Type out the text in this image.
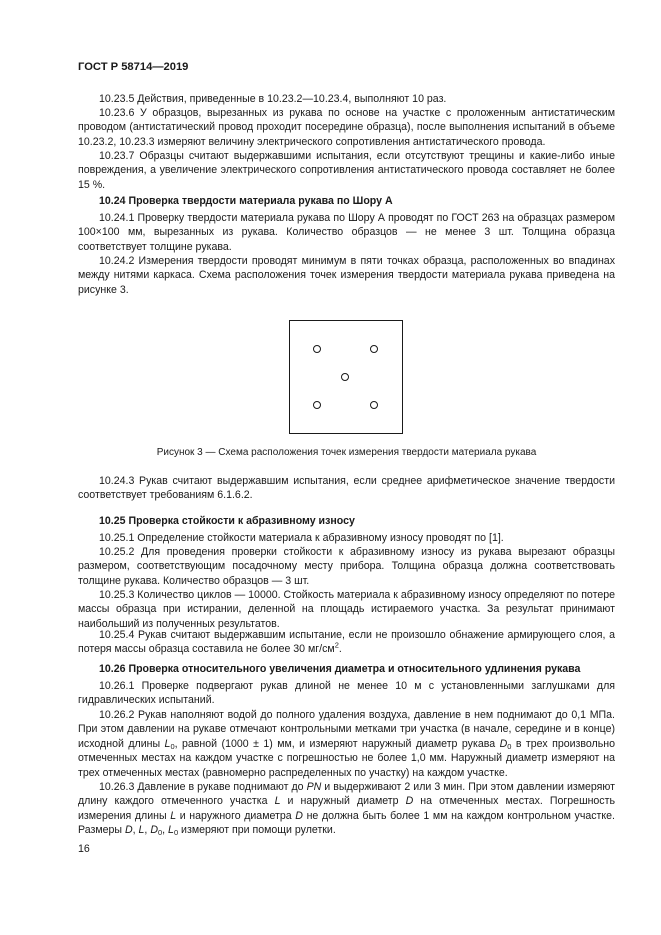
ГОСТ Р 58714—2019

10.23.5 Действия, приведенные в 10.23.2—10.23.4, выполняют 10 раз.

10.23.6 У образцов, вырезанных из рукава по основе на участке с проложенным антистатическим проводом (антистатический провод проходит посередине образца), после выполнения испытаний в объеме 10.23.2, 10.23.3 измеряют величину электрического сопротивления антистатического провода.

10.23.7 Образцы считают выдержавшими испытания, если отсутствуют трещины и какие-либо иные повреждения, а увеличение электрического сопротивления антистатического провода составляет не более 15 %.

10.24 Проверка твердости материала рукава по Шору А

10.24.1 Проверку твердости материала рукава по Шору А проводят по ГОСТ 263 на образцах размером 100×100 мм, вырезанных из рукава. Количество образцов — не менее 3 шт. Толщина образца соответствует толщине рукава.

10.24.2 Измерения твердости проводят минимум в пяти точках образца, расположенных во впадинах между нитями каркаса. Схема расположения точек измерения твердости материала рукава приведена на рисунке 3.

Рисунок 3 — Схема расположения точек измерения твердости материала рукава

10.24.3 Рукав считают выдержавшим испытания, если среднее арифметическое значение твердости соответствует требованиям 6.1.6.2.

10.25 Проверка стойкости к абразивному износу

10.25.1 Определение стойкости материала к абразивному износу проводят по [1].

10.25.2 Для проведения проверки стойкости к абразивному износу из рукава вырезают образцы размером, соответствующим посадочному месту прибора. Толщина образца должна соответствовать толщине рукава. Количество образцов — 3 шт.

10.25.3 Количество циклов — 10000. Стойкость материала к абразивному износу определяют по потере массы образца при истирании, деленной на площадь истираемого участка. За результат принимают наибольший из полученных результатов.

10.25.4 Рукав считают выдержавшим испытание, если не произошло обнажение армирующего слоя, а потеря массы образца составила не более 30 $мг/см^2$.

10.26 Проверка относительного увеличения диаметра и относительного удлинения рукава

10.26.1 Проверке подвергают рукав длиной не менее 10 м с установленными заглушками для гидравлических испытаний.

10.26.2 Рукав наполняют водой до полного удаления воздуха, давление в нем поднимают до 0,1 МПа. При этом давлении на рукаве отмечают контрольными метками три участка (в начале, середине и в конце) исходной длины $L_0$, равной (1000 ± 1) мм, и измеряют наружный диаметр рукава $D_0$ в трех произвольно отмеченных местах на каждом участке с погрешностью не более 1,0 мм. Наружный диаметр измеряют на трех отмеченных местах (равномерно распределенных по участку) на каждом участке.

10.26.3 Давление в рукаве поднимают до PN и выдерживают 2 или 3 мин. При этом давлении измеряют длину каждого отмеченного участка L и наружный диаметр D на отмеченных местах. Погрешность измерения длины L и наружного диаметра D не должна быть более 1 мм на каждом контрольном участке. Размеры D, L, $D_0$, $L_0$ измеряют при помощи рулетки.

16
